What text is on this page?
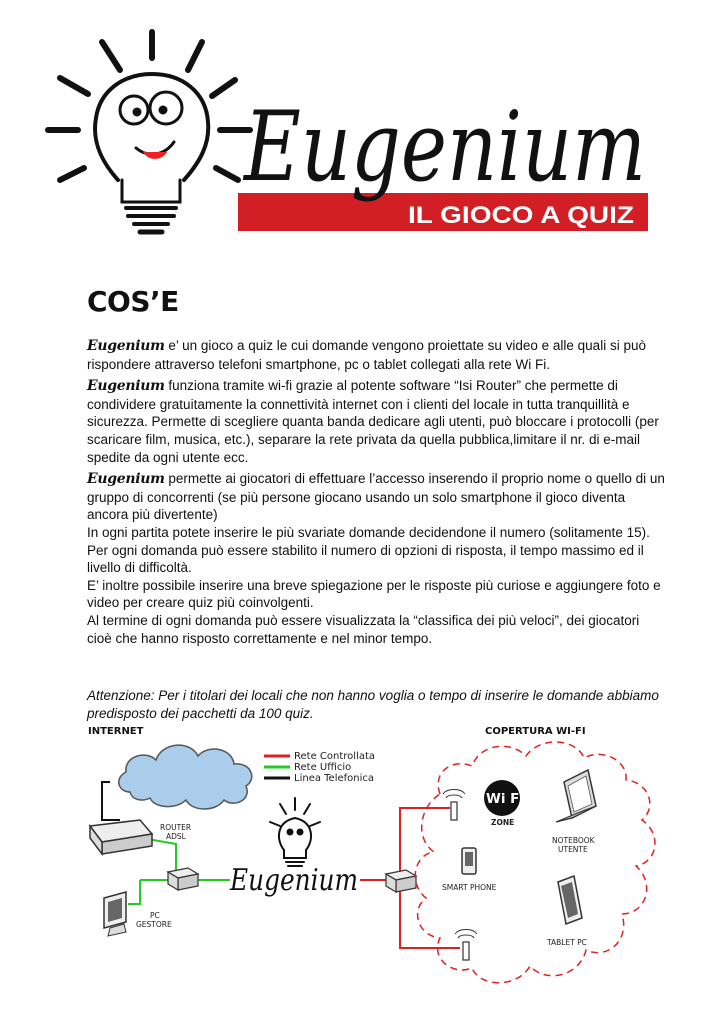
Eugenium
IL GIOCO A QUIZ
COS’E

Eugenium e’ un gioco a quiz le cui domande vengono proiettate su video e alle quali si può rispondere attraverso telefoni smartphone, pc o tablet collegati alla rete Wi Fi.

Eugenium funziona tramite wi-fi grazie al potente software “Isi Router” che permette di condividere gratuitamente la connettività internet con i clienti del locale in tutta tranquillità e sicurezza. Permette di scegliere quanta banda dedicare agli utenti, può bloccare i protocolli (per scaricare film, musica, etc.), separare la rete privata da quella pubblica,limitare il nr. di e-mail spedite da ogni utente ecc.

Eugenium permette ai giocatori di effettuare l’accesso inserendo il proprio nome o quello di un gruppo di concorrenti (se più persone giocano usando un solo smartphone il gioco diventa ancora più divertente)

In ogni partita potete inserire le più svariate domande decidendone il numero (solitamente 15).

Per ogni domanda può essere stabilito il numero di opzioni di risposta, il tempo massimo ed il livello di difficoltà.

E’ inoltre possibile inserire una breve spiegazione per le risposte più curiose e aggiungere foto e video per creare quiz più coinvolgenti.

Al termine di ogni domanda può essere visualizzata la “classifica dei più veloci”, dei giocatori cioè che hanno risposto correttamente e nel minor tempo.

Attenzione: Per i titolari dei locali che non hanno voglia o tempo di inserire le domande abbiamo predisposto dei pacchetti da 100 quiz.

INTERNET	COPERTURA WI-FI
Rete Controllata
Rete Ufficio
Linea Telefonica
ROUTER
ADSL
PC
GESTORE
Eugenium
Wi Fi
ZONE
NOTEBOOK
UTENTE
SMART PHONE
TABLET PC
